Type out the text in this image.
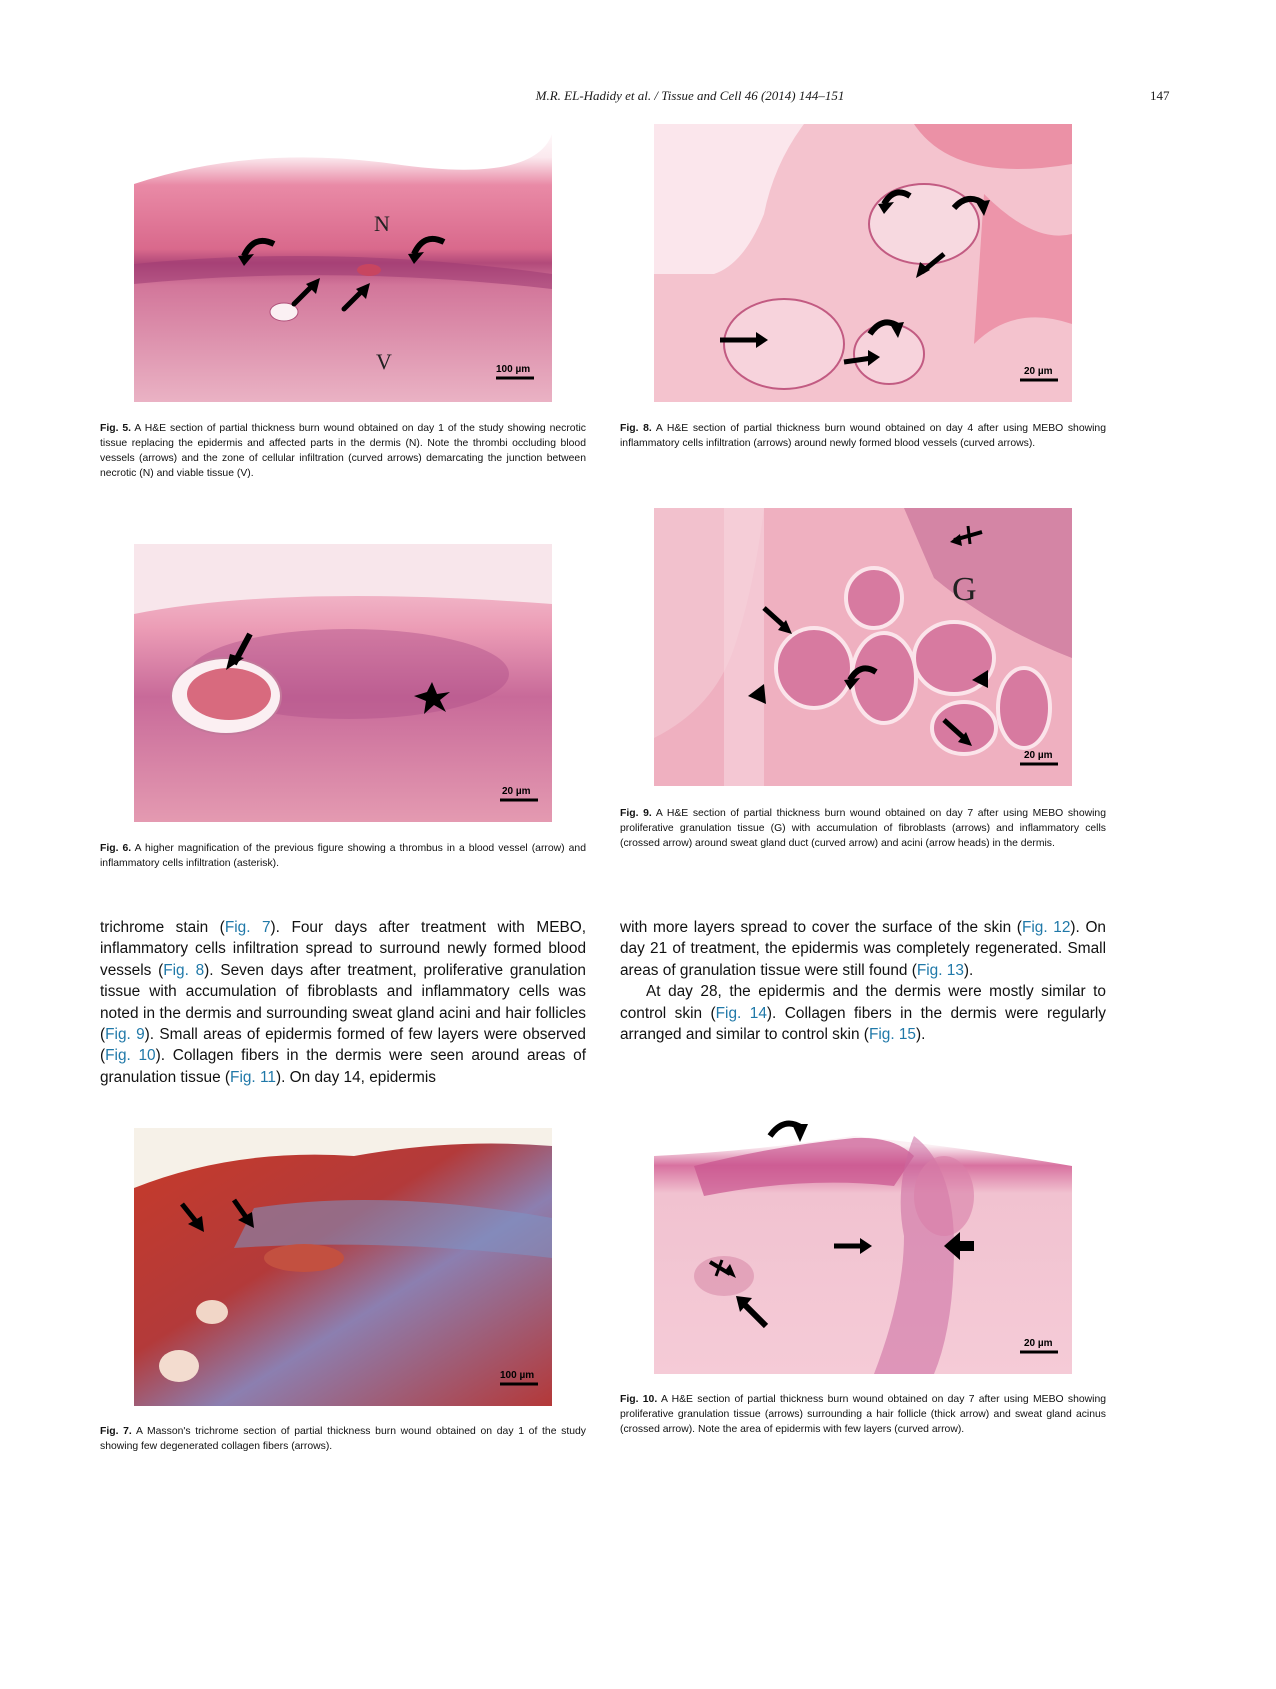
M.R. EL-Hadidy et al. / Tissue and Cell 46 (2014) 144–151	147
N
V	100 µm
Fig. 5. A H&E section of partial thickness burn wound obtained on day 1 of the study showing necrotic tissue replacing the epidermis and affected parts in the dermis (N). Note the thrombi occluding blood vessels (arrows) and the zone of cellular infiltration (curved arrows) demarcating the junction between necrotic (N) and viable tissue (V).
20 µm
Fig. 6. A higher magnification of the previous figure showing a thrombus in a blood vessel (arrow) and inflammatory cells infiltration (asterisk).

trichrome stain (Fig. 7). Four days after treatment with MEBO, inflammatory cells infiltration spread to surround newly formed blood vessels (Fig. 8). Seven days after treatment, proliferative granulation tissue with accumulation of fibroblasts and inflammatory cells was noted in the dermis and surrounding sweat gland acini and hair follicles (Fig. 9). Small areas of epidermis formed of few layers were observed (Fig. 10). Collagen fibers in the dermis were seen around areas of granulation tissue (Fig. 11). On day 14, epidermis

100 µm
Fig. 7. A Masson's trichrome section of partial thickness burn wound obtained on day 1 of the study showing few degenerated collagen fibers (arrows).
20 µm
Fig. 8. A H&E section of partial thickness burn wound obtained on day 4 after using MEBO showing inflammatory cells infiltration (arrows) around newly formed blood vessels (curved arrows).
G
20 µm
Fig. 9. A H&E section of partial thickness burn wound obtained on day 7 after using MEBO showing proliferative granulation tissue (G) with accumulation of fibroblasts (arrows) and inflammatory cells (crossed arrow) around sweat gland duct (curved arrow) and acini (arrow heads) in the dermis.

with more layers spread to cover the surface of the skin (Fig. 12). On day 21 of treatment, the epidermis was completely regenerated. Small areas of granulation tissue were still found (Fig. 13).

At day 28, the epidermis and the dermis were mostly similar to control skin (Fig. 14). Collagen fibers in the dermis were regularly arranged and similar to control skin (Fig. 15).

20 µm
Fig. 10. A H&E section of partial thickness burn wound obtained on day 7 after using MEBO showing proliferative granulation tissue (arrows) surrounding a hair follicle (thick arrow) and sweat gland acinus (crossed arrow). Note the area of epidermis with few layers (curved arrow).
